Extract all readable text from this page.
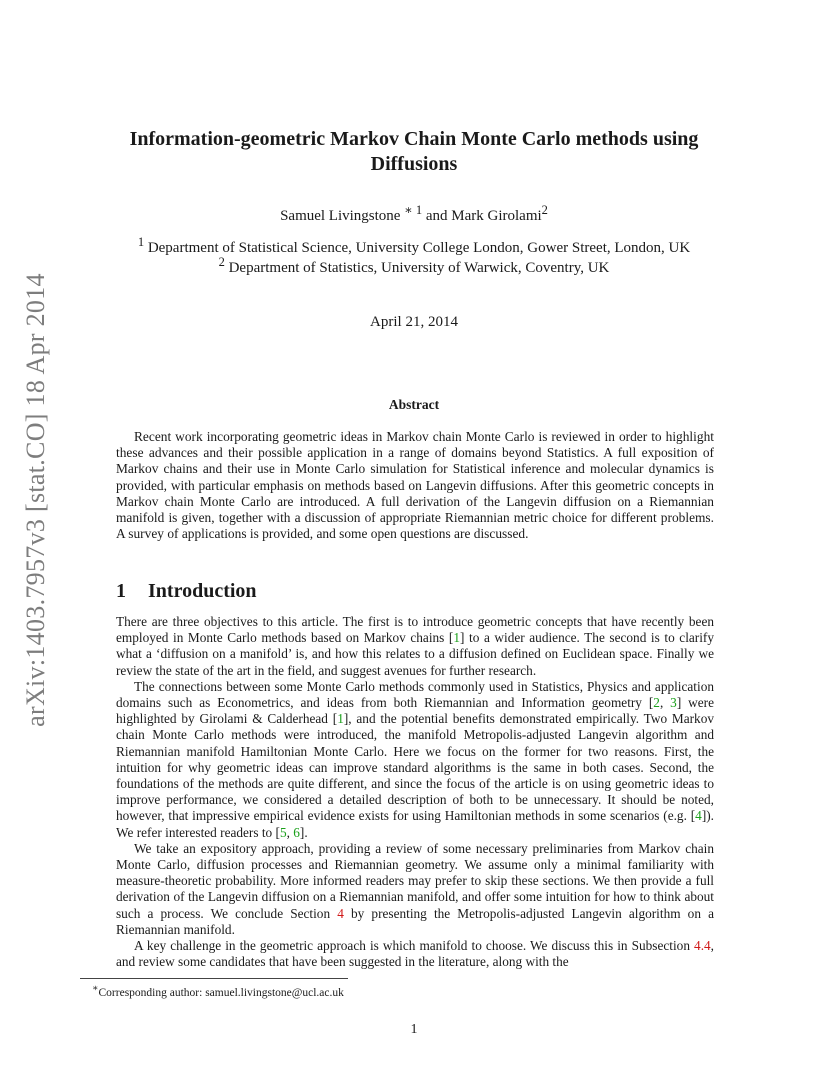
arXiv:1403.7957v3 [stat.CO] 18 Apr 2014
Information-geometric Markov Chain Monte Carlo methods using
Diffusions
Samuel Livingstone $^{∗ 1}$ and Mark Girolami$^2$
$^1$ Department of Statistical Science, University College London, Gower Street, London, UK
$^2$ Department of Statistics, University of Warwick, Coventry, UK
April 21, 2014
Abstract

Recent work incorporating geometric ideas in Markov chain Monte Carlo is reviewed in order to highlight these advances and their possible application in a range of domains beyond Statistics. A full exposition of Markov chains and their use in Monte Carlo simulation for Statistical inference and molecular dynamics is provided, with particular emphasis on methods based on Langevin diffusions. After this geometric concepts in Markov chain Monte Carlo are introduced. A full derivation of the Langevin diffusion on a Riemannian manifold is given, together with a discussion of appropriate Riemannian metric choice for different problems. A survey of applications is provided, and some open questions are discussed.

1 Introduction

There are three objectives to this article. The first is to introduce geometric concepts that have recently been employed in Monte Carlo methods based on Markov chains [1] to a wider audience. The second is to clarify what a ‘diffusion on a manifold’ is, and how this relates to a diffusion defined on Euclidean space. Finally we review the state of the art in the field, and suggest avenues for further research.

The connections between some Monte Carlo methods commonly used in Statistics, Physics and application domains such as Econometrics, and ideas from both Riemannian and Information geometry [2, 3] were highlighted by Girolami & Calderhead [1], and the potential benefits demonstrated empirically. Two Markov chain Monte Carlo methods were introduced, the manifold Metropolis-adjusted Langevin algorithm and Riemannian manifold Hamiltonian Monte Carlo. Here we focus on the former for two reasons. First, the intuition for why geometric ideas can improve standard algorithms is the same in both cases. Second, the foundations of the methods are quite different, and since the focus of the article is on using geometric ideas to improve performance, we considered a detailed description of both to be unnecessary. It should be noted, however, that impressive empirical evidence exists for using Hamiltonian methods in some scenarios (e.g. [4]). We refer interested readers to [5, 6].

We take an expository approach, providing a review of some necessary preliminaries from Markov chain Monte Carlo, diffusion processes and Riemannian geometry. We assume only a minimal familiarity with measure-theoretic probability. More informed readers may prefer to skip these sections. We then provide a full derivation of the Langevin diffusion on a Riemannian manifold, and offer some intuition for how to think about such a process. We conclude Section 4 by presenting the Metropolis-adjusted Langevin algorithm on a Riemannian manifold.

A key challenge in the geometric approach is which manifold to choose. We discuss this in Subsection 4.4, and review some candidates that have been suggested in the literature, along with the

∗Corresponding author: samuel.livingstone@ucl.ac.uk
1
